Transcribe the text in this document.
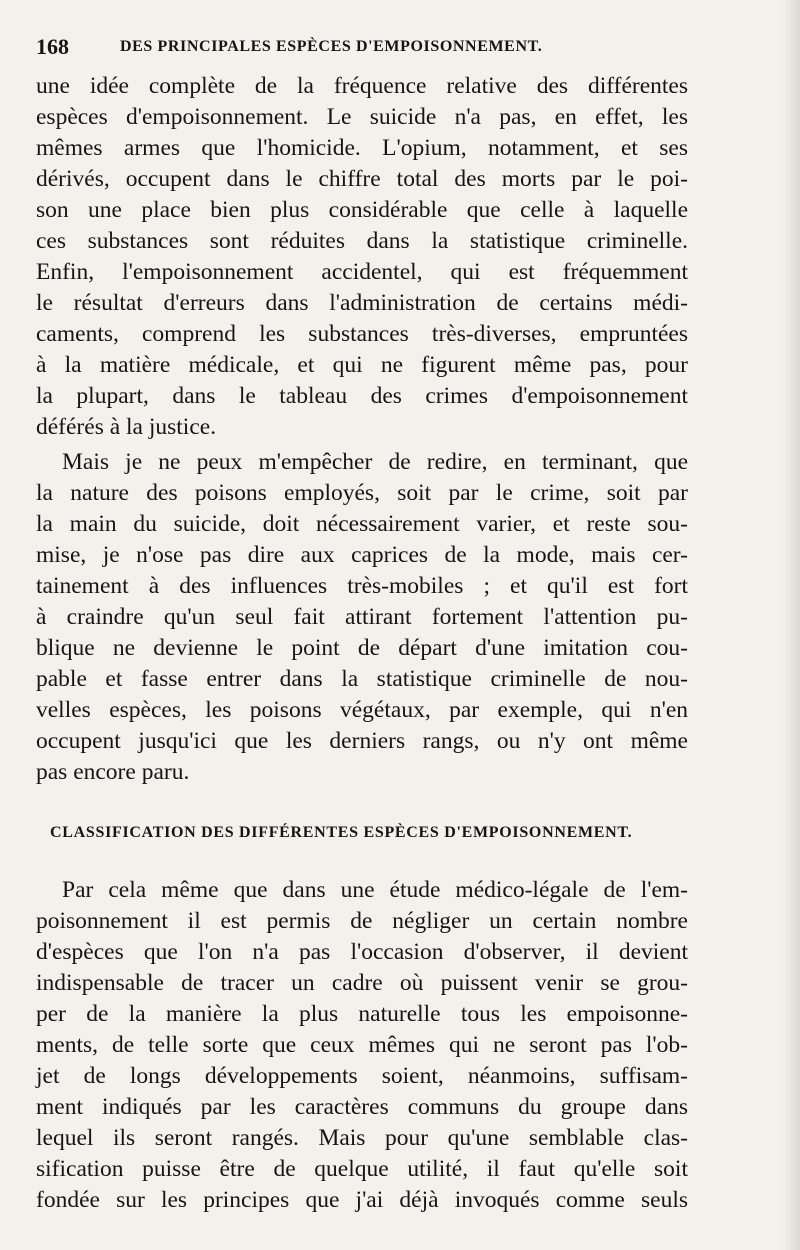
168	DES PRINCIPALES ESPÈCES D'EMPOISONNEMENT.
une idée complète de la fréquence relative des différentes
espèces d'empoisonnement. Le suicide n'a pas, en effet, les
mêmes armes que l'homicide. L'opium, notamment, et ses
dérivés, occupent dans le chiffre total des morts par le poi-
son une place bien plus considérable que celle à laquelle
ces substances sont réduites dans la statistique criminelle.
Enfin, l'empoisonnement accidentel, qui est fréquemment
le résultat d'erreurs dans l'administration de certains médi-
caments, comprend les substances très-diverses, empruntées
à la matière médicale, et qui ne figurent même pas, pour
la plupart, dans le tableau des crimes d'empoisonnement
déférés à la justice.
Mais je ne peux m'empêcher de redire, en terminant, que
la nature des poisons employés, soit par le crime, soit par
la main du suicide, doit nécessairement varier, et reste sou-
mise, je n'ose pas dire aux caprices de la mode, mais cer-
tainement à des influences très-mobiles ; et qu'il est fort
à craindre qu'un seul fait attirant fortement l'attention pu-
blique ne devienne le point de départ d'une imitation cou-
pable et fasse entrer dans la statistique criminelle de nou-
velles espèces, les poisons végétaux, par exemple, qui n'en
occupent jusqu'ici que les derniers rangs, ou n'y ont même
pas encore paru.
CLASSIFICATION DES DIFFÉRENTES ESPÈCES D'EMPOISONNEMENT.
Par cela même que dans une étude médico-légale de l'em-
poisonnement il est permis de négliger un certain nombre
d'espèces que l'on n'a pas l'occasion d'observer, il devient
indispensable de tracer un cadre où puissent venir se grou-
per de la manière la plus naturelle tous les empoisonne-
ments, de telle sorte que ceux mêmes qui ne seront pas l'ob-
jet de longs développements soient, néanmoins, suffisam-
ment indiqués par les caractères communs du groupe dans
lequel ils seront rangés. Mais pour qu'une semblable clas-
sification puisse être de quelque utilité, il faut qu'elle soit
fondée sur les principes que j'ai déjà invoqués comme seuls
